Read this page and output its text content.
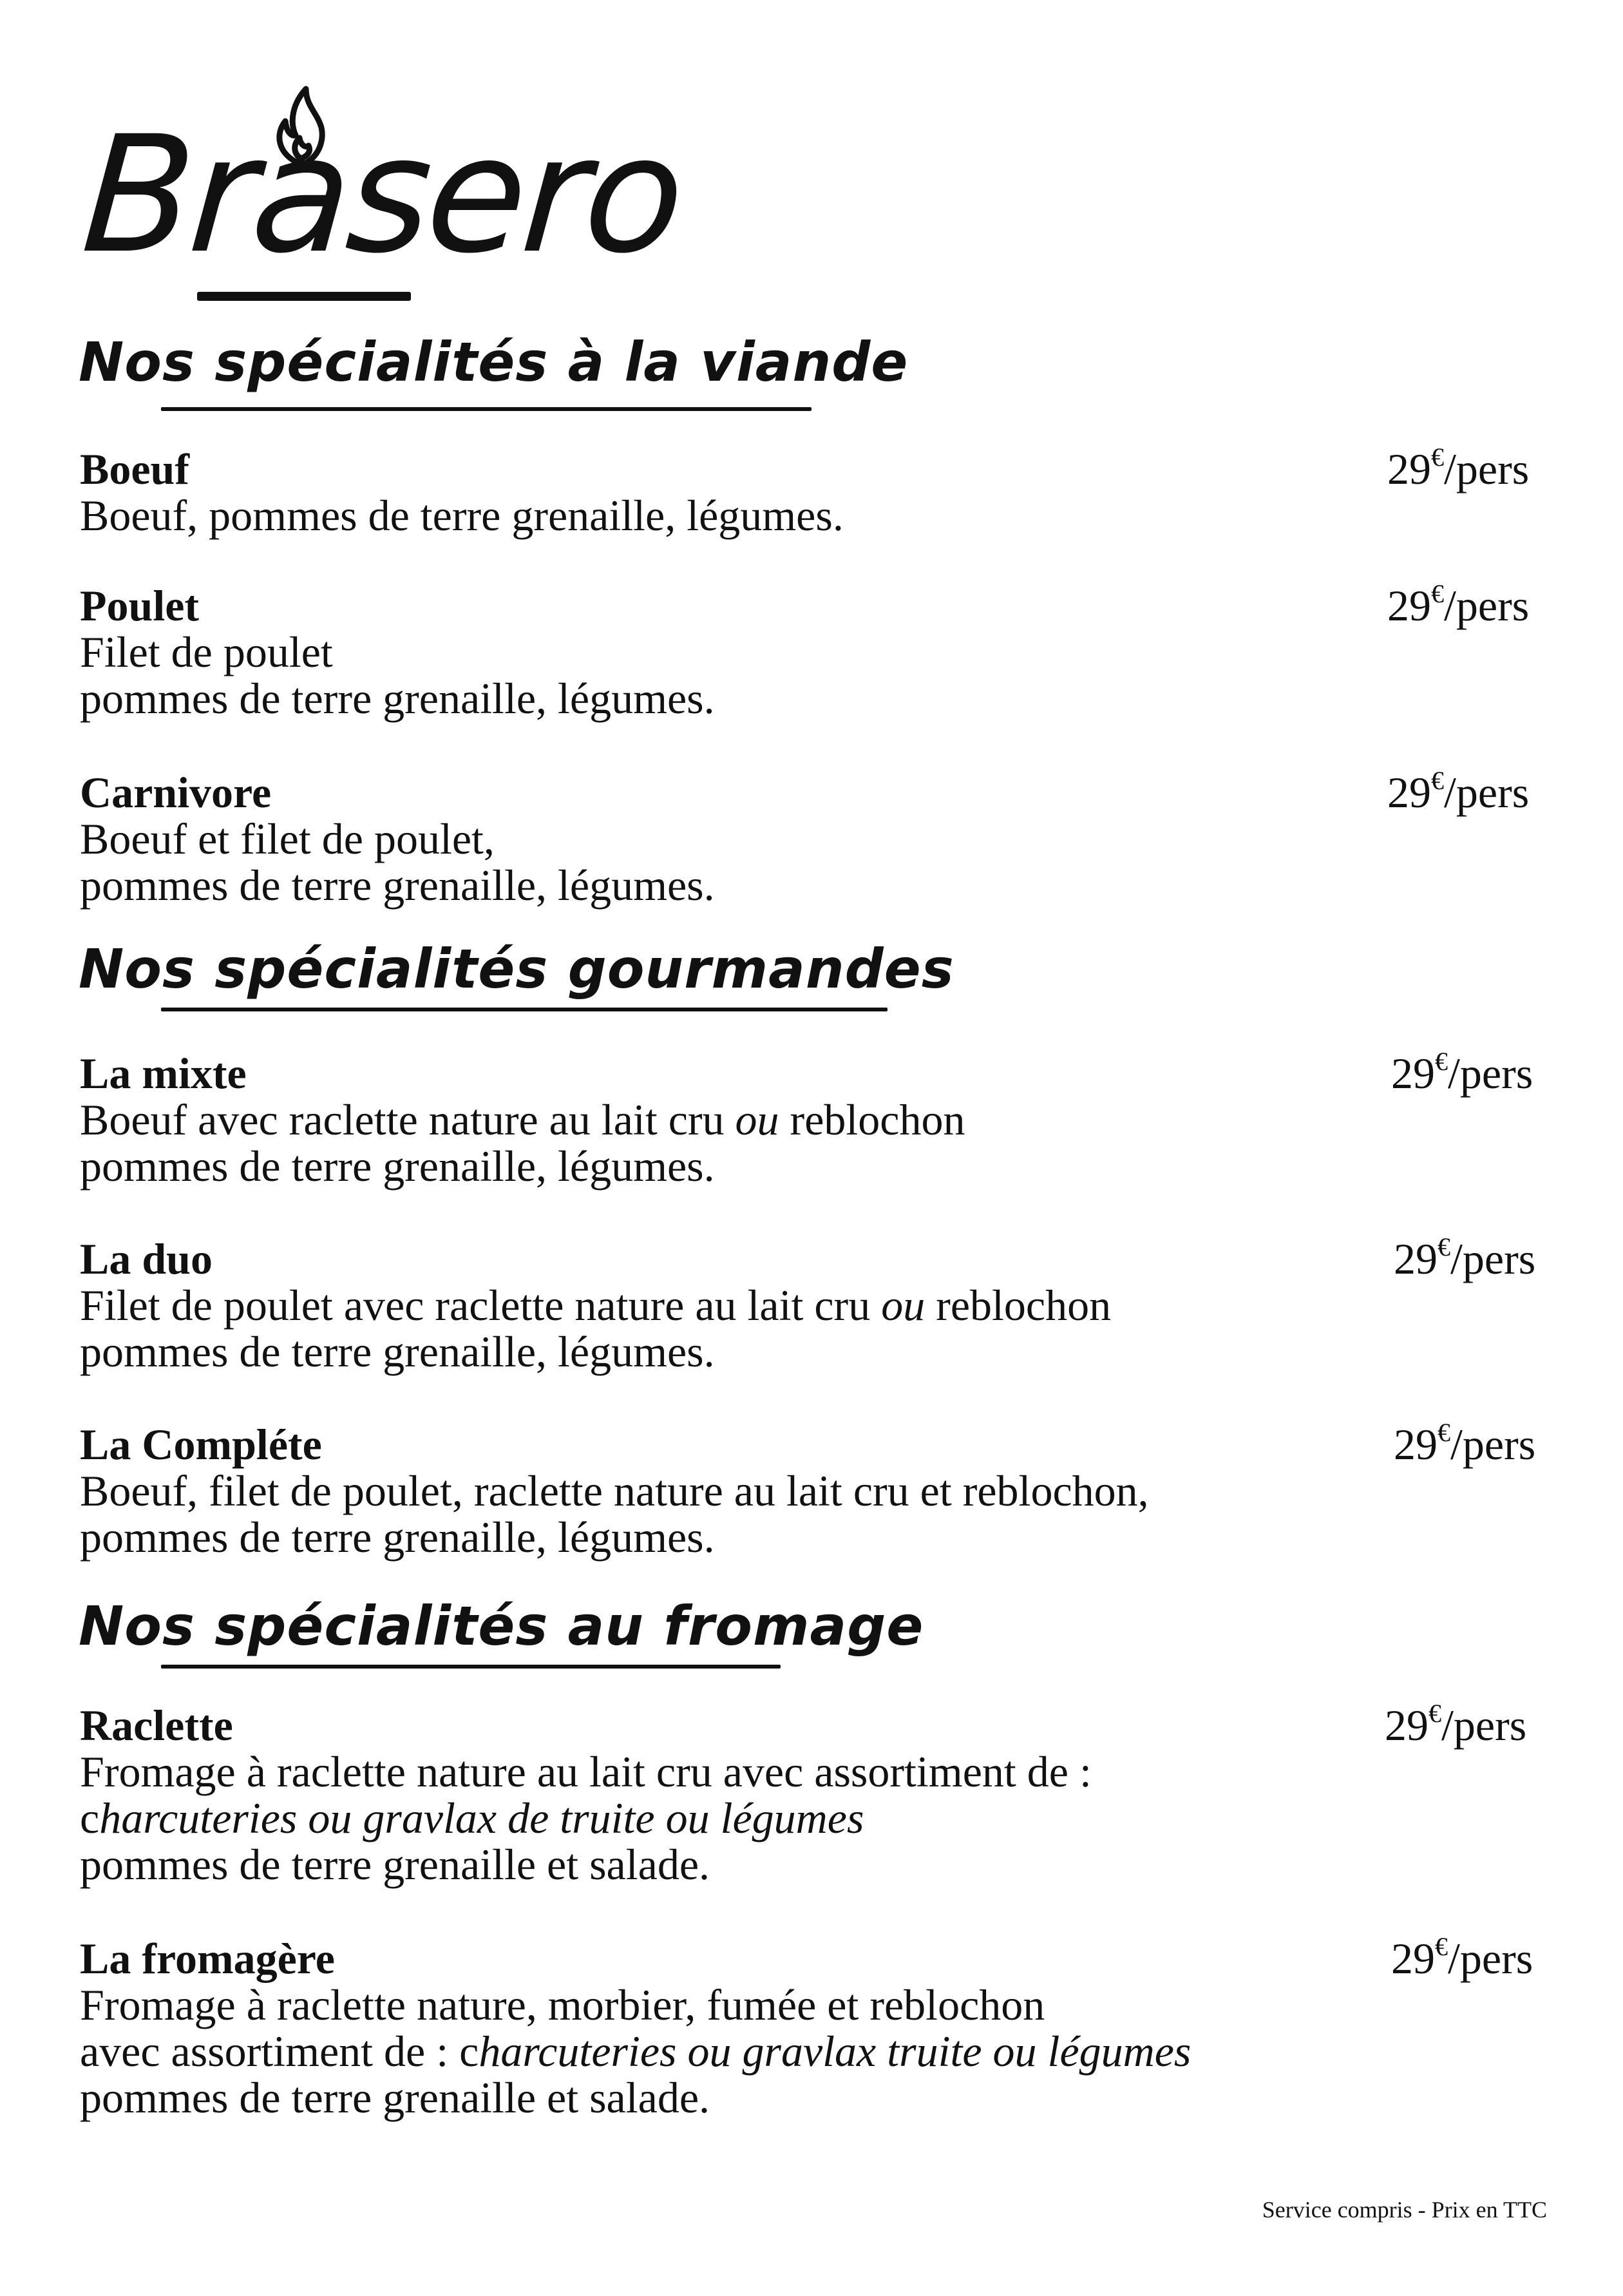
Brasero
Nos spécialités à la viande
Boeuf
Boeuf, pommes de terre grenaille, légumes.
29€/pers
Poulet
Filet de poulet
pommes de terre grenaille, légumes.
29€/pers
Carnivore
Boeuf et filet de poulet,
pommes de terre grenaille, légumes.
29€/pers
Nos spécialités gourmandes
La mixte
Boeuf avec raclette nature au lait cru ou reblochon
pommes de terre grenaille, légumes.
29€/pers
La duo
Filet de poulet avec raclette nature au lait cru ou reblochon
pommes de terre grenaille, légumes.
29€/pers
La Compléte
Boeuf, filet de poulet, raclette nature au lait cru et reblochon,
pommes de terre grenaille, légumes.
29€/pers
Nos spécialités au fromage
Raclette
Fromage à raclette nature au lait cru avec assortiment de :
charcuteries ou gravlax de truite ou légumes
pommes de terre grenaille et salade.
29€/pers
La fromagère
Fromage à raclette nature, morbier, fumée et reblochon
avec assortiment de : charcuteries ou gravlax truite ou légumes
pommes de terre grenaille et salade.
29€/pers
Service compris - Prix en TTC
